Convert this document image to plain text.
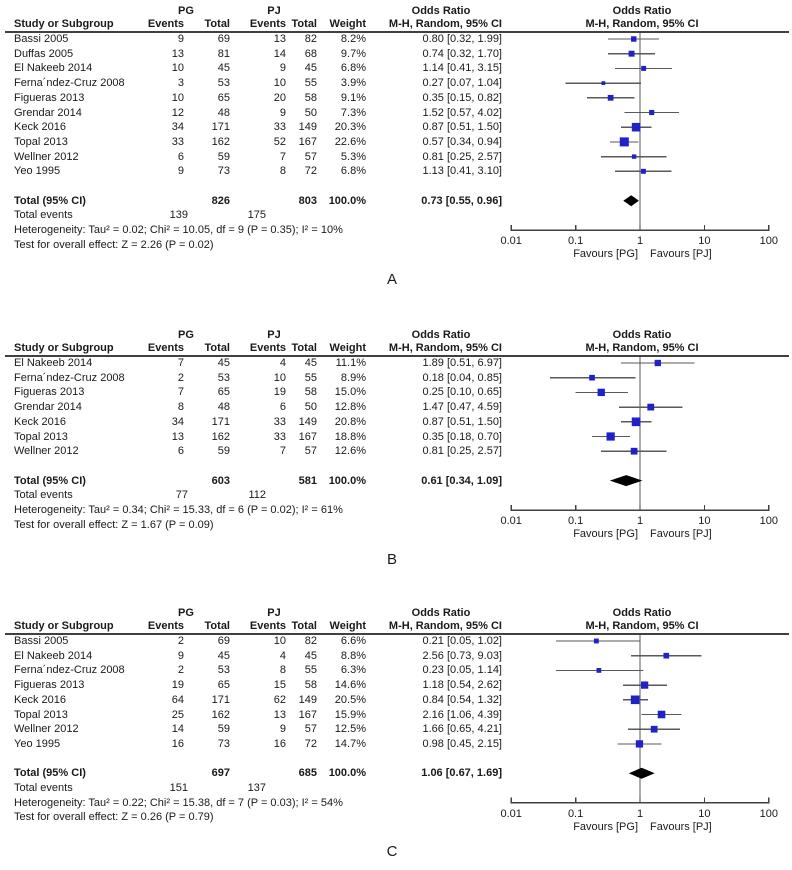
PG	PJ	Odds Ratio	Odds Ratio
Study or Subgroup	Events	Total	Events Total	Weight	M-H, Random, 95% CI	M-H, Random, 95% CI
Bassi 2005	9	69	13	82	8.2%	0.80 [0.32, 1.99]
Duffas 2005	13	81	14	68	9.7%	0.74 [0.32, 1.70]
El Nakeeb 2014	10	45	9	45	6.8%	1.14 [0.41, 3.15]
Ferna´ndez-Cruz 2008	3	53	10	55	3.9%	0.27 [0.07, 1.04]
Figueras 2013	10	65	20	58	9.1%	0.35 [0.15, 0.82]
Grendar 2014	12	48	9	50	7.3%	1.52 [0.57, 4.02]
Keck 2016	34	171	33	149	20.3%	0.87 [0.51, 1.50]
Topal 2013	33	162	52	167	22.6%	0.57 [0.34, 0.94]
Wellner 2012	6	59	7	57	5.3%	0.81 [0.25, 2.57]
Yeo 1995	9	73	8	72	6.8%	1.13 [0.41, 3.10]
Total (95% CI)	826	803	100.0%	0.73 [0.55, 0.96]
Total events	139	175
Heterogeneity: Tau² = 0.02; Chi² = 10.05, df = 9 (P = 0.35); I² = 10%
Test for overall effect: Z = 2.26 (P = 0.02)	0.01	0.1	1	10	100
Favours [PG] Favours [PJ]
A
PG	PJ	Odds Ratio	Odds Ratio
Study or Subgroup	Events	Total	Events Total	Weight	M-H, Random, 95% CI	M-H, Random, 95% CI
El Nakeeb 2014	7	45	4	45	11.1%	1.89 [0.51, 6.97]
Ferna´ndez-Cruz 2008	2	53	10	55	8.9%	0.18 [0.04, 0.85]
Figueras 2013	7	65	19	58	15.0%	0.25 [0.10, 0.65]
Grendar 2014	8	48	6	50	12.8%	1.47 [0.47, 4.59]
Keck 2016	34	171	33	149	20.8%	0.87 [0.51, 1.50]
Topal 2013	13	162	33	167	18.8%	0.35 [0.18, 0.70]
Wellner 2012	6	59	7	57	12.6%	0.81 [0.25, 2.57]
Total (95% CI)	603	581	100.0%	0.61 [0.34, 1.09]
Total events	77	112
Heterogeneity: Tau² = 0.34; Chi² = 15.33, df = 6 (P = 0.02); I² = 61%
Test for overall effect: Z = 1.67 (P = 0.09)	0.01	0.1	1	10	100
Favours [PG] Favours [PJ]
B
PG	PJ	Odds Ratio	Odds Ratio
Study or Subgroup	Events	Total	Events Total	Weight	M-H, Random, 95% CI	M-H, Random, 95% CI
Bassi 2005	2	69	10	82	6.6%	0.21 [0.05, 1.02]
El Nakeeb 2014	9	45	4	45	8.8%	2.56 [0.73, 9.03]
Ferna´ndez-Cruz 2008	2	53	8	55	6.3%	0.23 [0.05, 1.14]
Figueras 2013	19	65	15	58	14.6%	1.18 [0.54, 2.62]
Keck 2016	64	171	62	149	20.5%	0.84 [0.54, 1.32]
Topal 2013	25	162	13	167	15.9%	2.16 [1.06, 4.39]
Wellner 2012	14	59	9	57	12.5%	1.66 [0.65, 4.21]
Yeo 1995	16	73	16	72	14.7%	0.98 [0.45, 2.15]
Total (95% CI)	697	685	100.0%	1.06 [0.67, 1.69]
Total events	151	137
Heterogeneity: Tau² = 0.22; Chi² = 15.38, df = 7 (P = 0.03); I² = 54%
Test for overall effect: Z = 0.26 (P = 0.79)	0.01	0.1	1	10	100
Favours [PG] Favours [PJ]
C
